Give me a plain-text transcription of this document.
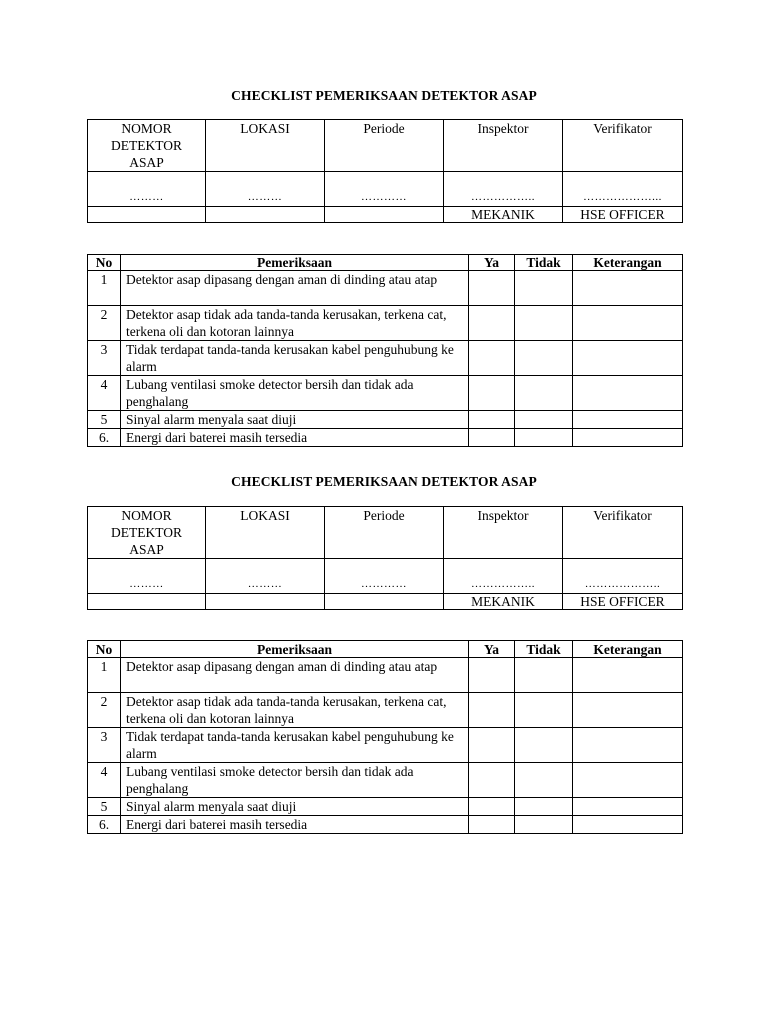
CHECKLIST PEMERIKSAAN DETEKTOR ASAP
NOMOR DETEKTOR ASAP	LOKASI	Periode	Inspektor	Verifikator
………	………	…………	……………..	………………...
			MEKANIK	HSE OFFICER
No	Pemeriksaan	Ya	Tidak	Keterangan
1	Detektor asap dipasang dengan aman di dinding atau atap			
2	Detektor asap tidak ada tanda-tanda kerusakan, terkena cat, terkena oli dan kotoran lainnya			
3	Tidak terdapat tanda-tanda kerusakan kabel penguhubung ke alarm			
4	Lubang ventilasi smoke detector bersih dan tidak ada penghalang			
5	Sinyal alarm menyala saat diuji			
6.	Energi dari baterei masih tersedia			
CHECKLIST PEMERIKSAAN DETEKTOR ASAP
NOMOR DETEKTOR ASAP	LOKASI	Periode	Inspektor	Verifikator
………	………	…………	……………..	………………..
			MEKANIK	HSE OFFICER
No	Pemeriksaan	Ya	Tidak	Keterangan
1	Detektor asap dipasang dengan aman di dinding atau atap			
2	Detektor asap tidak ada tanda-tanda kerusakan, terkena cat, terkena oli dan kotoran lainnya			
3	Tidak terdapat tanda-tanda kerusakan kabel penguhubung ke alarm			
4	Lubang ventilasi smoke detector bersih dan tidak ada penghalang			
5	Sinyal alarm menyala saat diuji			
6.	Energi dari baterei masih tersedia			
